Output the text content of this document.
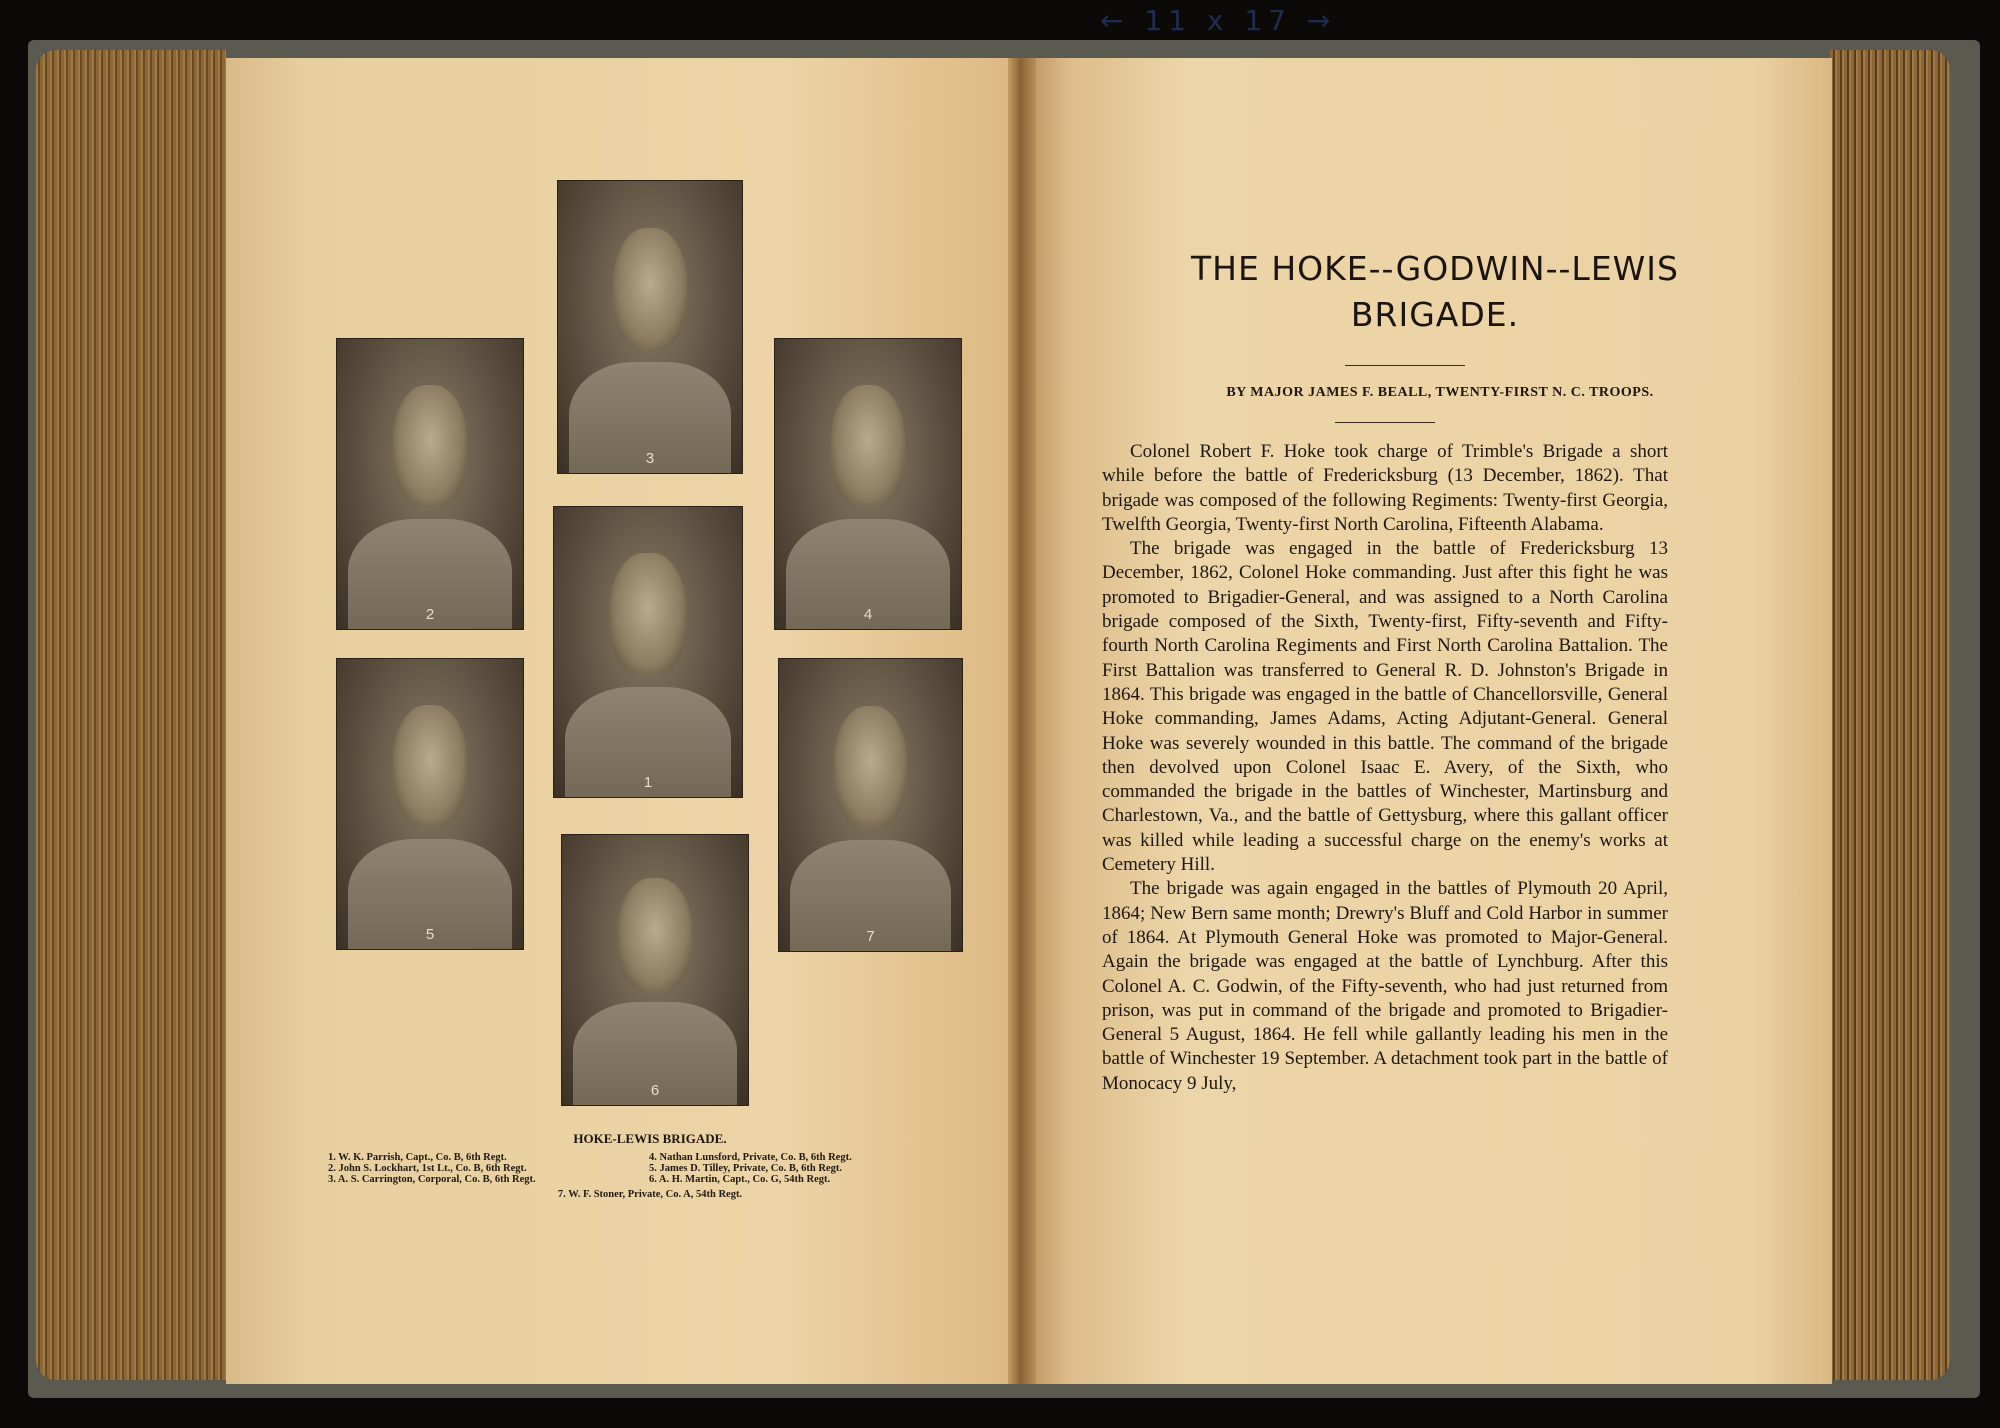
← 11 x 17 →
3
2	4
1
5	7
6
HOKE-LEWIS BRIGADE.
1. W. K. Parrish, Capt., Co. B, 6th Regt.	4. Nathan Lunsford, Private, Co. B, 6th Regt.
2. John S. Lockhart, 1st Lt., Co. B, 6th Regt.	5. James D. Tilley, Private, Co. B, 6th Regt.
3. A. S. Carrington, Corporal, Co. B, 6th Regt.	6. A. H. Martin, Capt., Co. G, 54th Regt.
7. W. F. Stoner, Private, Co. A, 54th Regt.
THE HOKE--GODWIN--LEWIS
BRIGADE.
BY MAJOR JAMES F. BEALL, TWENTY-FIRST N. C. TROOPS.

Colonel Robert F. Hoke took charge of Trimble's Brigade a short while before the battle of Fredericksburg (13 December, 1862). That brigade was composed of the following Regiments: Twenty-first Georgia, Twelfth Georgia, Twenty-first North Carolina, Fifteenth Alabama.

The brigade was engaged in the battle of Fredericksburg 13 December, 1862, Colonel Hoke commanding. Just after this fight he was promoted to Brigadier-General, and was assigned to a North Carolina brigade composed of the Sixth, Twenty-first, Fifty-seventh and Fifty-fourth North Carolina Regiments and First North Carolina Battalion. The First Battalion was transferred to General R. D. Johnston's Brigade in 1864. This brigade was engaged in the battle of Chancellorsville, General Hoke commanding, James Adams, Acting Adjutant-General. General Hoke was severely wounded in this battle. The command of the brigade then devolved upon Colonel Isaac E. Avery, of the Sixth, who commanded the brigade in the battles of Winchester, Martinsburg and Charlestown, Va., and the battle of Gettysburg, where this gallant officer was killed while leading a successful charge on the enemy's works at Cemetery Hill.

The brigade was again engaged in the battles of Plymouth 20 April, 1864; New Bern same month; Drewry's Bluff and Cold Harbor in summer of 1864. At Plymouth General Hoke was promoted to Major-General. Again the brigade was engaged at the battle of Lynchburg. After this Colonel A. C. Godwin, of the Fifty-seventh, who had just returned from prison, was put in command of the brigade and promoted to Brigadier-General 5 August, 1864. He fell while gallantly leading his men in the battle of Winchester 19 September. A detachment took part in the battle of Monocacy 9 July,
